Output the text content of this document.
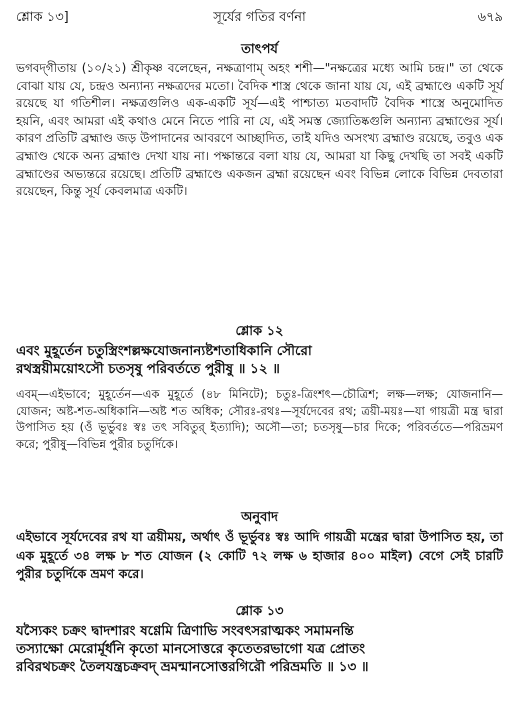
শ্লোক ১৩]	সূর্যের গতির বর্ণনা	৬৭৯
তাৎপর্য
ভগবদ্‌গীতায় (১০/২১) শ্রীকৃষ্ণ বলেছেন, নক্ষত্রাণাম্‌ অহং শশী—"নক্ষত্রের মধ্যে আমি চন্দ্র।" তা থেকে বোঝা যায় যে, চন্দ্রও অন্যান্য নক্ষত্রদের মতো। বৈদিক শাস্ত্র থেকে জানা যায় যে, এই ব্রহ্মাণ্ডে একটি সূর্য রয়েছে যা গতিশীল। নক্ষত্রগুলিও এক-একটি সূর্য—এই পাশ্চাত্য মতবাদটি বৈদিক শাস্ত্রে অনুমোদিত হয়নি, এবং আমরা এই কথাও মেনে নিতে পারি না যে, এই সমস্ত জ্যোতিষ্কগুলি অন্যান্য ব্রহ্মাণ্ডের সূর্য। কারণ প্রতিটি ব্রহ্মাণ্ড জড় উপাদানের আবরণে আচ্ছাদিত, তাই যদিও অসংখ্য ব্রহ্মাণ্ড রয়েছে, তবুও এক ব্রহ্মাণ্ড থেকে অন্য ব্রহ্মাণ্ড দেখা যায় না। পক্ষান্তরে বলা যায় যে, আমরা যা কিছু দেখছি তা সবই একটি ব্রহ্মাণ্ডের অভ্যন্তরে রয়েছে। প্রতিটি ব্রহ্মাণ্ডে একজন ব্রহ্মা রয়েছেন এবং বিভিন্ন লোকে বিভিন্ন দেবতারা রয়েছেন, কিন্তু সূর্য কেবলমাত্র একটি।
শ্লোক ১২
এবং মুহূর্তেন চতুস্ত্রিংশল্লক্ষযোজনান্যষ্টশতাধিকানি সৌরো
রথস্ত্রয়ীময়োঽসৌ চতসৃষু পরিবর্ততে পুরীষু ॥ ১২ ॥
এবম্‌—এইভাবে; মুহূর্তেন—এক মুহূর্তে (৪৮ মিনিটে); চতুঃ-ত্রিংশৎ—চৌত্রিশ; লক্ষ—লক্ষ; যোজনানি—যোজন; অষ্ট-শত-অধিকানি—অষ্ট শত অধিক; সৌরঃ-রথঃ—সূর্যদেবের রথ; ত্রয়ী-ময়ঃ—যা গায়ত্রী মন্ত্র দ্বারা উপাসিত হয় (ওঁ ভূর্ভুবঃ স্বঃ তৎ সবিতুর্‌ ইত্যাদি); অসৌ—তা; চতসৃষু—চার দিকে; পরিবর্ততে—পরিভ্রমণ করে; পুরীষু—বিভিন্ন পুরীর চতুর্দিকে।
অনুবাদ
এইভাবে সূর্যদেবের রথ যা ত্রয়ীময়, অর্থাৎ ওঁ ভূর্ভুবঃ স্বঃ আদি গায়ত্রী মন্ত্রের দ্বারা উপাসিত হয়, তা এক মুহূর্তে ৩৪ লক্ষ ৮ শত যোজন (২ কোটি ৭২ লক্ষ ৬ হাজার ৪০০ মাইল) বেগে সেই চারটি পুরীর চতুর্দিকে ভ্রমণ করে।
শ্লোক ১৩
যস্যৈকং চক্রং দ্বাদশারং ষণ্ণেমি ত্রিণাভি সংবৎসরাত্মকং সমামনন্তি
তস্যাক্ষো মেরোর্মূর্ধনি কৃতো মানসোত্তরে কৃতেতরভাগো যত্র প্রোতং
রবিরথচক্রং তৈলযন্ত্রচক্রবদ্‌ ভ্রমন্মানসোত্তরগিরৌ পরিভ্রমতি ॥ ১৩ ॥
